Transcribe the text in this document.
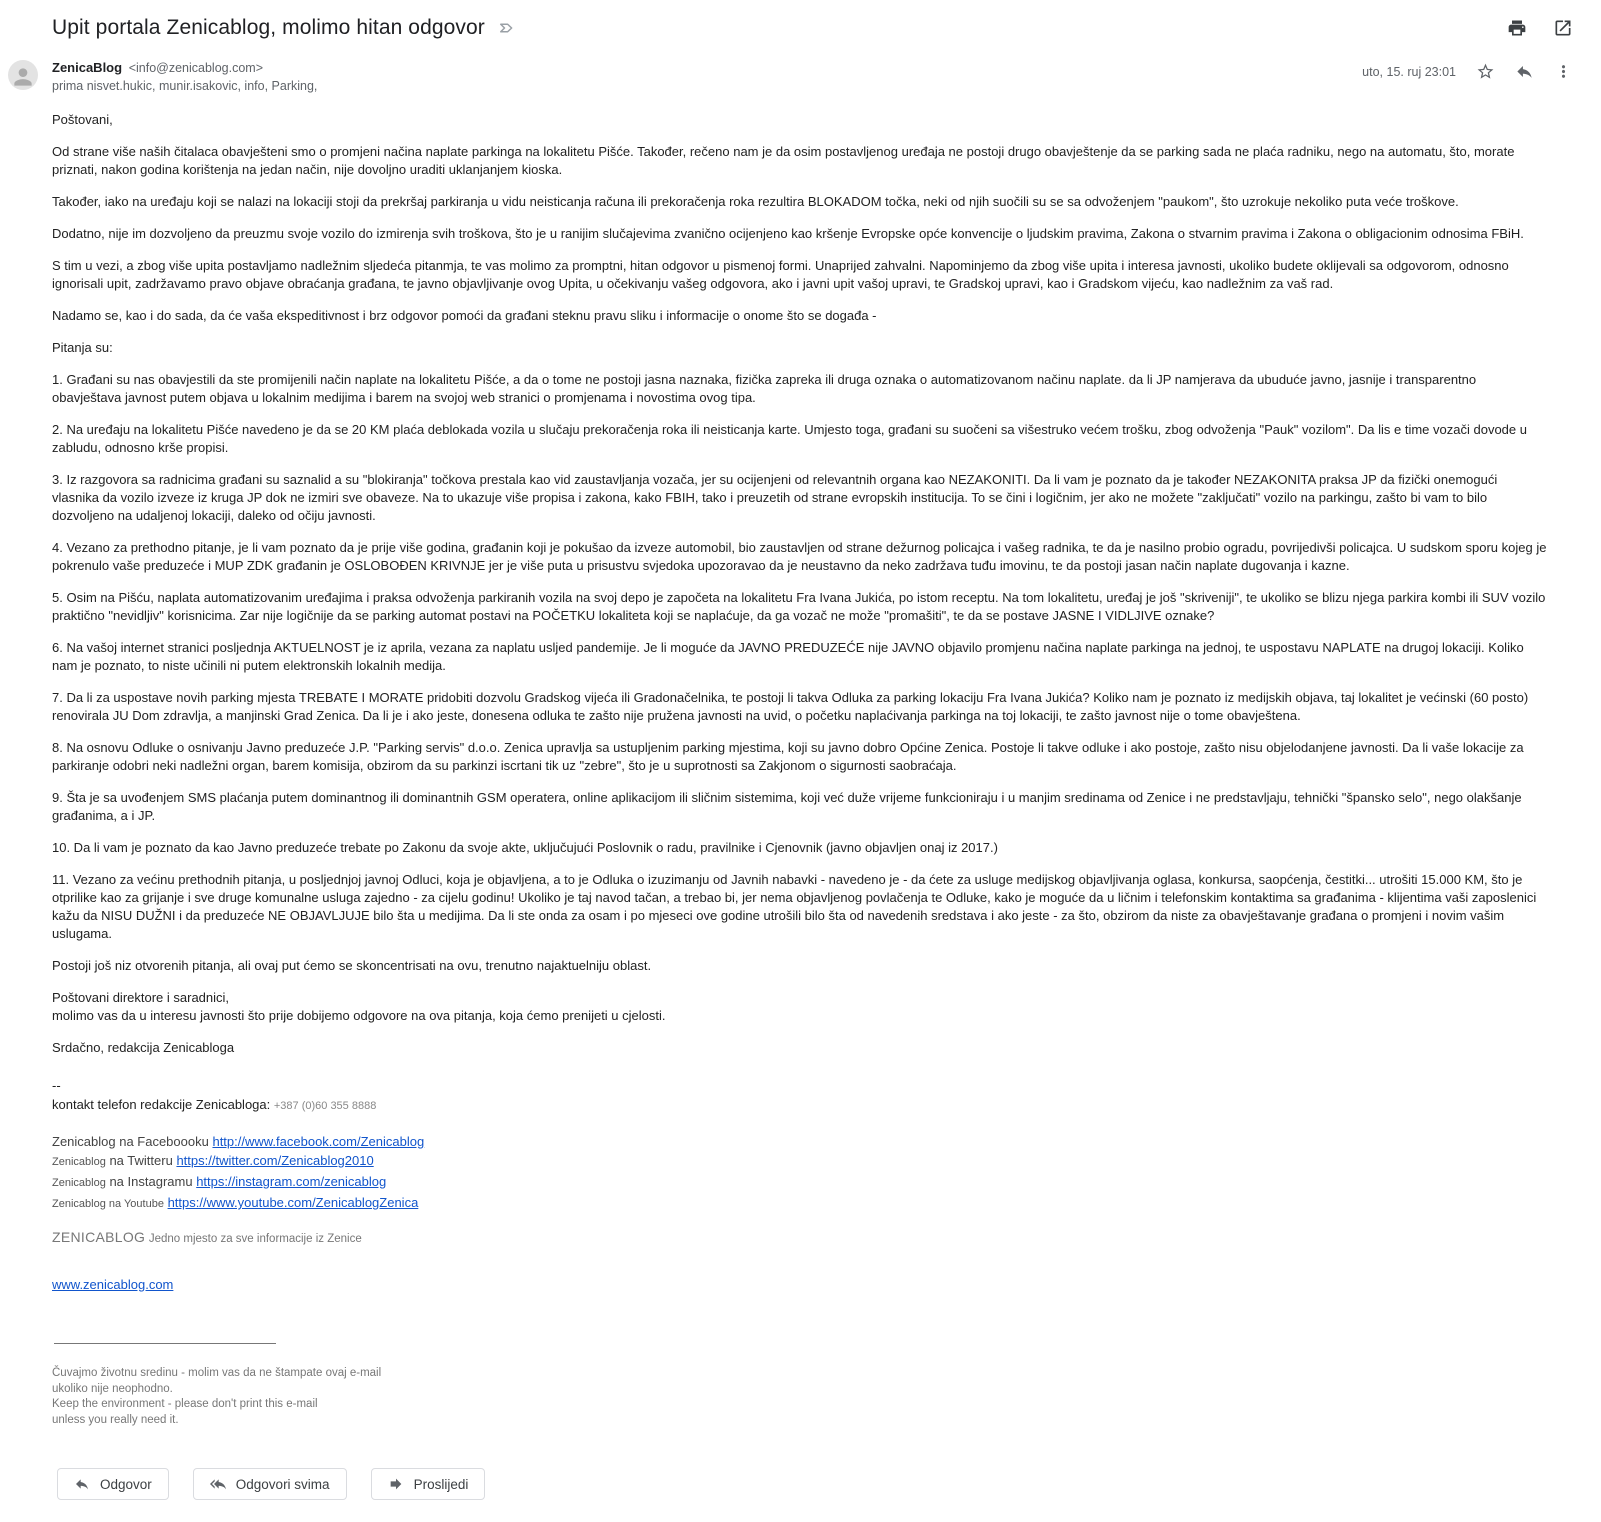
Upit portala Zenicablog, molimo hitan odgovor
ZenicaBlog <info@zenicablog.com>
prima nisvet.hukic, munir.isakovic, info, Parking,
uto, 15. ruj 23:01

Poštovani,

Od strane više naših čitalaca obavješteni smo o promjeni načina naplate parkinga na lokalitetu Pišće. Također, rečeno nam je da osim postavljenog uređaja ne postoji drugo obavještenje da se parking sada ne plaća radniku, nego na automatu, što, morate priznati, nakon godina korištenja na jedan način, nije dovoljno uraditi uklanjanjem kioska.

Također, iako na uređaju koji se nalazi na lokaciji stoji da prekršaj parkiranja u vidu neisticanja računa ili prekoračenja roka rezultira BLOKADOM točka, neki od njih suočili su se sa odvoženjem "paukom", što uzrokuje nekoliko puta veće troškove.

Dodatno, nije im dozvoljeno da preuzmu svoje vozilo do izmirenja svih troškova, što je u ranijim slučajevima zvanično ocijenjeno kao kršenje Evropske opće konvencije o ljudskim pravima, Zakona o stvarnim pravima i Zakona o obligacionim odnosima FBiH.

S tim u vezi, a zbog više upita postavljamo nadležnim sljedeća pitanmja, te vas molimo za promptni, hitan odgovor u pismenoj formi. Unaprijed zahvalni. Napominjemo da zbog više upita i interesa javnosti, ukoliko budete oklijevali sa odgovorom, odnosno ignorisali upit, zadržavamo pravo objave obraćanja građana, te javno objavljivanje ovog Upita, u očekivanju vašeg odgovora, ako i javni upit vašoj upravi, te Gradskoj upravi, kao i Gradskom vijeću, kao nadležnim za vaš rad.

Nadamo se, kao i do sada, da će vaša ekspeditivnost i brz odgovor pomoći da građani steknu pravu sliku i informacije o onome što se događa -

Pitanja su:

1. Građani su nas obavjestili da ste promijenili način naplate na lokalitetu Pišće, a da o tome ne postoji jasna naznaka, fizička zapreka ili druga oznaka o automatizovanom načinu naplate. da li JP namjerava da ubuduće javno, jasnije i transparentno obavještava javnost putem objava u lokalnim medijima i barem na svojoj web stranici o promjenama i novostima ovog tipa.

2. Na uređaju na lokalitetu Pišće navedeno je da se 20 KM plaća deblokada vozila u slučaju prekoračenja roka ili neisticanja karte. Umjesto toga, građani su suočeni sa višestruko većem trošku, zbog odvoženja "Pauk" vozilom". Da lis e time vozači dovode u zabludu, odnosno krše propisi.

3. Iz razgovora sa radnicima građani su saznalid a su "blokiranja" točkova prestala kao vid zaustavljanja vozača, jer su ocijenjeni od relevantnih organa kao NEZAKONITI. Da li vam je poznato da je također NEZAKONITA praksa JP da fizički onemogući vlasnika da vozilo izveze iz kruga JP dok ne izmiri sve obaveze. Na to ukazuje više propisa i zakona, kako FBIH, tako i preuzetih od strane evropskih institucija. To se čini i logičnim, jer ako ne možete "zaključati" vozilo na parkingu, zašto bi vam to bilo dozvoljeno na udaljenoj lokaciji, daleko od očiju javnosti.

4. Vezano za prethodno pitanje, je li vam poznato da je prije više godina, građanin koji je pokušao da izveze automobil, bio zaustavljen od strane dežurnog policajca i vašeg radnika, te da je nasilno probio ogradu, povrijedivši policajca. U sudskom sporu kojeg je pokrenulo vaše preduzeće i MUP ZDK građanin je OSLOBOĐEN KRIVNJE jer je više puta u prisustvu svjedoka upozoravao da je neustavno da neko zadržava tuđu imovinu, te da postoji jasan način naplate dugovanja i kazne.

5. Osim na Pišću, naplata automatizovanim uređajima i praksa odvoženja parkiranih vozila na svoj depo je započeta na lokalitetu Fra Ivana Jukića, po istom receptu. Na tom lokalitetu, uređaj je još "skriveniji", te ukoliko se blizu njega parkira kombi ili SUV vozilo praktično "nevidljiv" korisnicima. Zar nije logičnije da se parking automat postavi na POČETKU lokaliteta koji se naplaćuje, da ga vozač ne može "promašiti", te da se postave JASNE I VIDLJIVE oznake?

6. Na vašoj internet stranici posljednja AKTUELNOST je iz aprila, vezana za naplatu usljed pandemije. Je li moguće da JAVNO PREDUZEĆE nije JAVNO objavilo promjenu načina naplate parkinga na jednoj, te uspostavu NAPLATE na drugoj lokaciji. Koliko nam je poznato, to niste učinili ni putem elektronskih lokalnih medija.

7. Da li za uspostave novih parking mjesta TREBATE I MORATE pridobiti dozvolu Gradskog vijeća ili Gradonačelnika, te postoji li takva Odluka za parking lokaciju Fra Ivana Jukića? Koliko nam je poznato iz medijskih objava, taj lokalitet je većinski (60 posto) renovirala JU Dom zdravlja, a manjinski Grad Zenica. Da li je i ako jeste, donesena odluka te zašto nije pružena javnosti na uvid, o početku naplaćivanja parkinga na toj lokaciji, te zašto javnost nije o tome obavještena.

8. Na osnovu Odluke o osnivanju Javno preduzeće J.P. "Parking servis" d.o.o. Zenica upravlja sa ustupljenim parking mjestima, koji su javno dobro Općine Zenica. Postoje li takve odluke i ako postoje, zašto nisu objelodanjene javnosti. Da li vaše lokacije za parkiranje odobri neki nadležni organ, barem komisija, obzirom da su parkinzi iscrtani tik uz "zebre", što je u suprotnosti sa Zakjonom o sigurnosti saobraćaja.

9. Šta je sa uvođenjem SMS plaćanja putem dominantnog ili dominantnih GSM operatera, online aplikacijom ili sličnim sistemima, koji već duže vrijeme funkcioniraju i u manjim sredinama od Zenice i ne predstavljaju, tehnički "špansko selo", nego olakšanje građanima, a i JP.

10. Da li vam je poznato da kao Javno preduzeće trebate po Zakonu da svoje akte, uključujući Poslovnik o radu, pravilnike i Cjenovnik (javno objavljen onaj iz 2017.)

11. Vezano za većinu prethodnih pitanja, u posljednjoj javnoj Odluci, koja je objavljena, a to je Odluka o izuzimanju od Javnih nabavki - navedeno je - da ćete za usluge medijskog objavljivanja oglasa, konkursa, saopćenja, čestitki... utrošiti 15.000 KM, što je otprilike kao za grijanje i sve druge komunalne usluga zajedno - za cijelu godinu! Ukoliko je taj navod tačan, a trebao bi, jer nema objavljenog povlačenja te Odluke, kako je moguće da u ličnim i telefonskim kontaktima sa građanima - klijentima vaši zaposlenici kažu da NISU DUŽNI i da preduzeće NE OBJAVLJUJE bilo šta u medijima. Da li ste onda za osam i po mjeseci ove godine utrošili bilo šta od navedenih sredstava i ako jeste - za što, obzirom da niste za obavještavanje građana o promjeni i novim vašim uslugama.

Postoji još niz otvorenih pitanja, ali ovaj put ćemo se skoncentrisati na ovu, trenutno najaktuelniju oblast.

Poštovani direktore i saradnici,
molimo vas da u interesu javnosti što prije dobijemo odgovore na ova pitanja, koja ćemo prenijeti u cjelosti.

Srdačno, redakcija Zenicabloga

--
kontakt telefon redakcije Zenicabloga: +387 (0)60 355 8888
Zenicablog na Faceboooku http://www.facebook.com/Zenicablog
Zenicablog na Twitteru https://twitter.com/Zenicablog2010
Zenicablog na Instagramu https://instagram.com/zenicablog
Zenicablog na Youtube https://www.youtube.com/ZenicablogZenica
ZENICABLOG Jedno mjesto za sve informacije iz Zenice
www.zenicablog.com
Čuvajmo životnu sredinu - molim vas da ne štampate ovaj e-mail
ukoliko nije neophodno.
Keep the environment - please don't print this e-mail
unless you really need it.
Odgovor	Odgovori svima	Proslijedi
